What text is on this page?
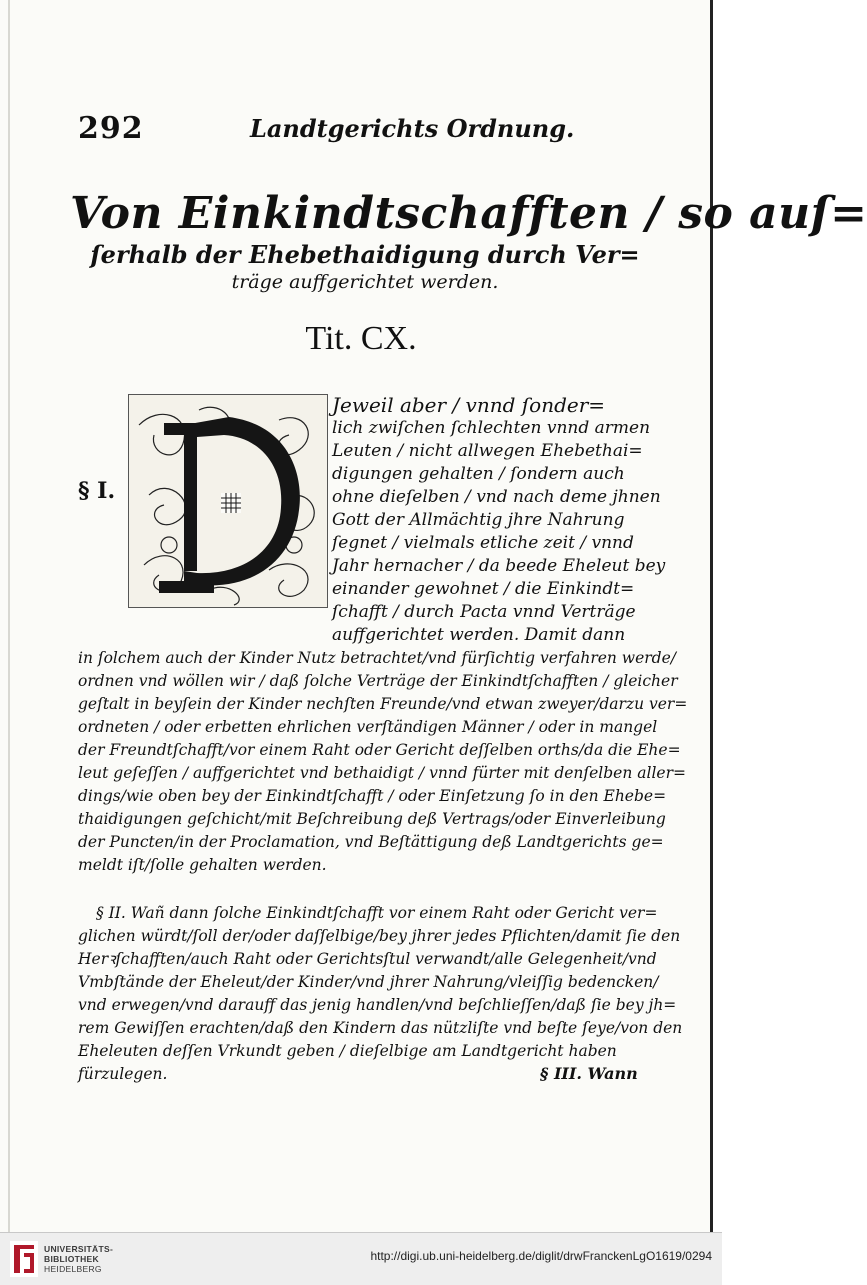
292	Landtgerichts Ordnung.
Von Einkindtschafften / so auſ=
ſerhalb der Ehebethaidigung durch Ver=
träge auffgerichtet werden.
Tit. CX.
§ I.
Jeweil aber / vnnd ſonder=
lich zwiſchen ſchlechten vnnd armen
Leuten / nicht allwegen Ehebethai=
digungen gehalten / ſondern auch
ohne dieſelben / vnd nach deme jhnen
Gott der Allmächtig jhre Nahrung
ſegnet / vielmals etliche zeit / vnnd
Jahr hernacher / da beede Eheleut bey
einander gewohnet / die Einkindt=
ſchafft / durch Pacta vnnd Verträge
auffgerichtet werden. Damit dann
in ſolchem auch der Kinder Nutz betrachtet/vnd fürſichtig verfahren werde/
ordnen vnd wöllen wir / daß ſolche Verträge der Einkindtſchafften / gleicher
geſtalt in beyſein der Kinder nechſten Freunde/vnd etwan zweyer/darzu ver=
ordneten / oder erbetten ehrlichen verſtändigen Männer / oder in mangel
der Freundtſchafft/vor einem Raht oder Gericht deſſelben orths/da die Ehe=
leut geſeſſen / auffgerichtet vnd bethaidigt / vnnd fürter mit denſelben aller=
dings/wie oben bey der Einkindtſchafft / oder Einſetzung ſo in den Ehebe=
thaidigungen geſchicht/mit Beſchreibung deß Vertrags/oder Einverleibung
der Puncten/in der Proclamation, vnd Beſtättigung deß Landtgerichts ge=
meldt iſt/ſolle gehalten werden.
§ II. Wañ dann ſolche Einkindtſchafft vor einem Raht oder Gericht ver=
glichen würdt/ſoll der/oder daſſelbige/bey jhrer jedes Pflichten/damit ſie den
Herꝛſchafften/auch Raht oder Gerichtsſtul verwandt/alle Gelegenheit/vnd
Vmbſtände der Eheleut/der Kinder/vnd jhrer Nahrung/vleiſſig bedencken/
vnd erwegen/vnd darauff das jenig handlen/vnd beſchlieſſen/daß ſie bey jh=
rem Gewiſſen erachten/daß den Kindern das nützliſte vnd beſte ſeye/von den
Eheleuten deſſen Vrkundt geben / dieſelbige am Landtgericht haben
fürzulegen.	§ III. Wann
UNIVERSITÄTS-
BIBLIOTHEK
HEIDELBERG
http://digi.ub.uni-heidelberg.de/diglit/drwFranckenLgO1619/0294
